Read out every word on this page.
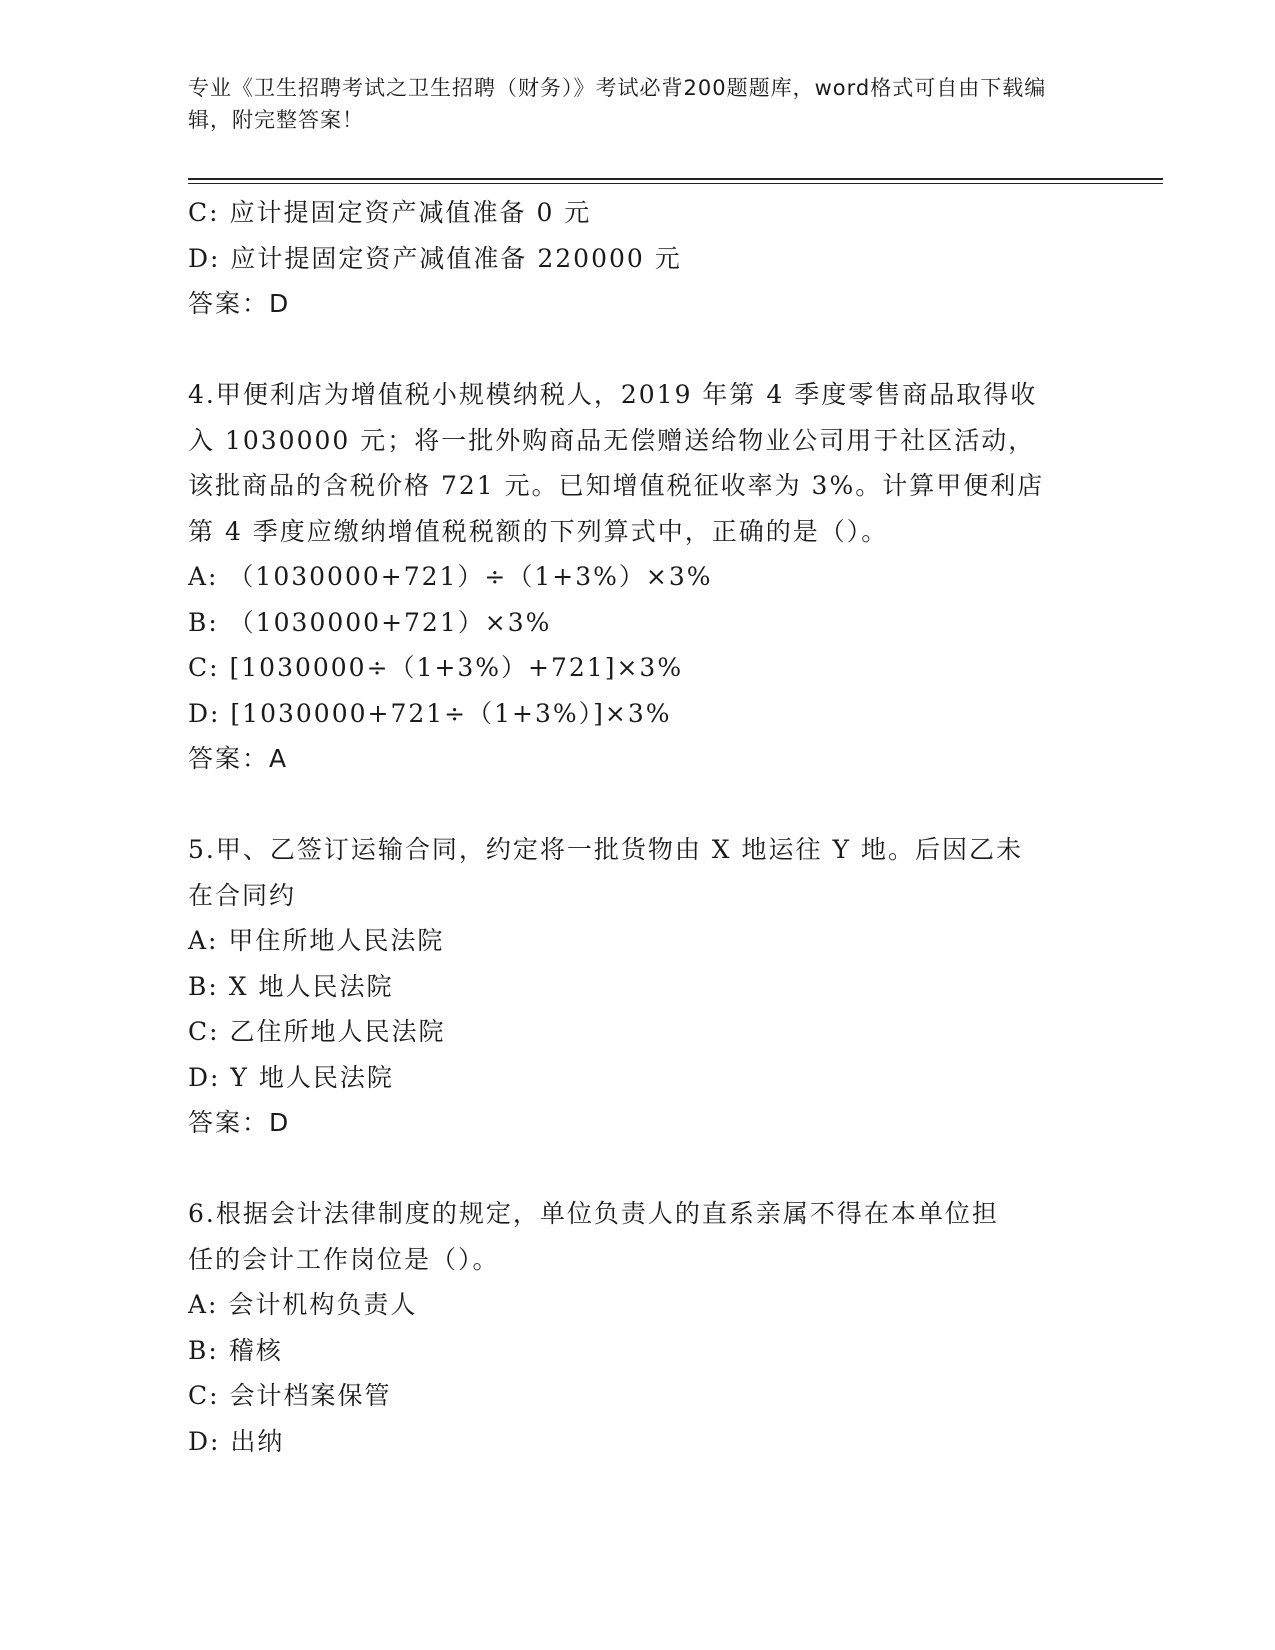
专业《卫生招聘考试之卫生招聘（财务）》考试必背200题题库，word格式可自由下载编辑，附完整答案！
C: 应计提固定资产减值准备 0 元
D: 应计提固定资产减值准备 220000 元
答案：D
4.甲便利店为增值税小规模纳税人，2019 年第 4 季度零售商品取得收
入 1030000 元；将一批外购商品无偿赠送给物业公司用于社区活动，
该批商品的含税价格 721 元。已知增值税征收率为 3%。计算甲便利店
第 4 季度应缴纳增值税税额的下列算式中，正确的是（）。
A: （1030000+721）÷（1+3%）×3%
B: （1030000+721）×3%
C: [1030000÷（1+3%）+721]×3%
D: [1030000+721÷（1+3%）]×3%
答案：A
5.甲、乙签订运输合同，约定将一批货物由 X 地运往 Y 地。后因乙未
在合同约
A: 甲住所地人民法院
B: X 地人民法院
C: 乙住所地人民法院
D: Y 地人民法院
答案：D
6.根据会计法律制度的规定，单位负责人的直系亲属不得在本单位担
任的会计工作岗位是（）。
A: 会计机构负责人
B: 稽核
C: 会计档案保管
D: 出纳
